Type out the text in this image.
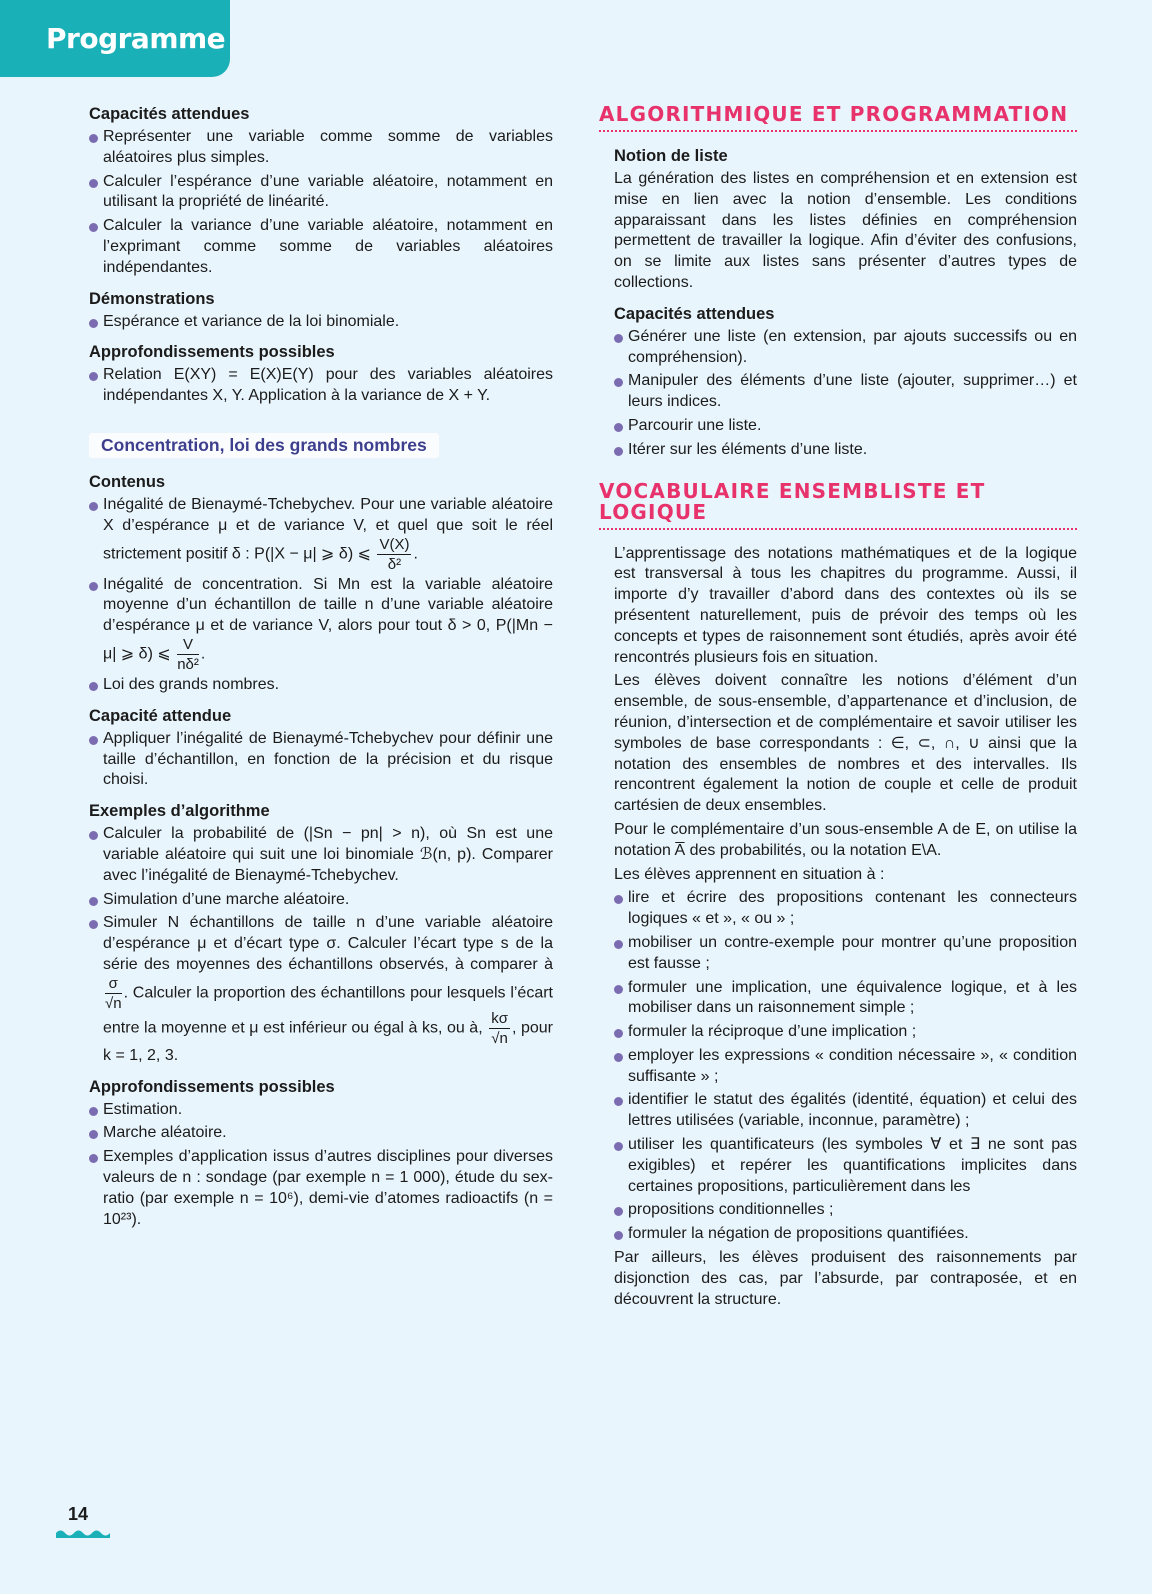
Programme
Capacités attendues
Représenter une variable comme somme de variables aléatoires plus simples.
Calculer l’espérance d’une variable aléatoire, notamment en utilisant la propriété de linéarité.
Calculer la variance d’une variable aléatoire, notamment en l’exprimant comme somme de variables aléatoires indépendantes.
Démonstrations
Espérance et variance de la loi binomiale.
Approfondissements possibles
Relation E(XY) = E(X)E(Y) pour des variables aléatoires indépendantes X, Y. Application à la variance de X + Y.
Concentration, loi des grands nombres
Contenus
Inégalité de Bienaymé-Tchebychev. Pour une variable aléatoire X d’espérance μ et de variance V, et quel que soit le réel strictement positif δ : P(|X − μ| ⩾ δ) ⩽ $\frac{V(X)}{\text{δ²}}$ .
Inégalité de concentration. Si Mn est la variable aléatoire moyenne d’un échantillon de taille n d’une variable aléatoire d’espérance μ et de variance V, alors pour tout δ > 0, P(|Mn − μ| ⩾ δ) ⩽ $\frac{V}{\text{nδ²}}$ .
Loi des grands nombres.
Capacité attendue
Appliquer l’inégalité de Bienaymé-Tchebychev pour définir une taille d’échantillon, en fonction de la précision et du risque choisi.
Exemples d’algorithme
Calculer la probabilité de (|Sn − pn| > n), où Sn est une variable aléatoire qui suit une loi binomiale ℬ(n, p). Comparer avec l’inégalité de Bienaymé-Tchebychev.
Simulation d’une marche aléatoire.
Simuler N échantillons de taille n d’une variable aléatoire d’espérance μ et d’écart type σ. Calculer l’écart type s de la série des moyennes des échantillons observés, à comparer à
$\frac{\sigma}{√n}$ . Calculer la proportion des échantillons pour lesquels l’écart entre la moyenne et μ est inférieur ou égal à ks, ou à, $\frac{k\sigma}{√n}$ , pour k = 1, 2, 3.
Approfondissements possibles
Estimation.
Marche aléatoire.
Exemples d’application issus d’autres disciplines pour diverses valeurs de n : sondage (par exemple n = 1 000), étude du sex-ratio (par exemple n = 10⁶), demi-vie d’atomes radioactifs (n = 10²³).
ALGORITHMIQUE ET PROGRAMMATION
Notion de liste

La génération des listes en compréhension et en extension est mise en lien avec la notion d’ensemble. Les conditions apparaissant dans les listes définies en compréhension permettent de travailler la logique. Afin d’éviter des confusions, on se limite aux listes sans présenter d’autres types de collections.

Capacités attendues
Générer une liste (en extension, par ajouts successifs ou en compréhension).
Manipuler des éléments d’une liste (ajouter, supprimer…) et leurs indices.
Parcourir une liste.
Itérer sur les éléments d’une liste.
VOCABULAIRE ENSEMBLISTE ET LOGIQUE

L’apprentissage des notations mathématiques et de la logique est transversal à tous les chapitres du programme. Aussi, il importe d’y travailler d’abord dans des contextes où ils se présentent naturellement, puis de prévoir des temps où les concepts et types de raisonnement sont étudiés, après avoir été rencontrés plusieurs fois en situation.

Les élèves doivent connaître les notions d’élément d’un ensemble, de sous-ensemble, d’appartenance et d’inclusion, de réunion, d’intersection et de complémentaire et savoir utiliser les symboles de base correspondants : ∈, ⊂, ∩, ∪ ainsi que la notation des ensembles de nombres et des intervalles. Ils rencontrent également la notion de couple et celle de produit cartésien de deux ensembles.

Pour le complémentaire d’un sous-ensemble A de E, on utilise la notation A̅ des probabilités, ou la notation E\A.

Les élèves apprennent en situation à :

lire et écrire des propositions contenant les connecteurs logiques « et », « ou » ;
mobiliser un contre-exemple pour montrer qu’une proposition est fausse ;
formuler une implication, une équivalence logique, et à les mobiliser dans un raisonnement simple ;
formuler la réciproque d’une implication ;
employer les expressions « condition nécessaire », « condition suffisante » ;
identifier le statut des égalités (identité, équation) et celui des lettres utilisées (variable, inconnue, paramètre) ;
utiliser les quantificateurs (les symboles ∀ et ∃ ne sont pas exigibles) et repérer les quantifications implicites dans certaines propositions, particulièrement dans les
propositions conditionnelles ;
formuler la négation de propositions quantifiées.

Par ailleurs, les élèves produisent des raisonnements par disjonction des cas, par l’absurde, par contraposée, et en découvrent la structure.

14
